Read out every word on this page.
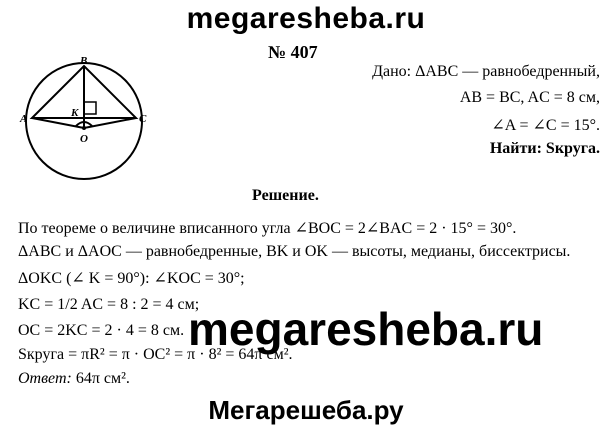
megaresheba.ru
№ 407
B
A	C
K
O
Дано: ΔABC — равнобедренный,
AB = BC, AC = 8 см,
∠A = ∠C = 15°.
Найти: Sкруга.
Решение.
По теореме о величине вписанного угла ∠BOC = 2∠BAC = 2 · 15° = 30°.
ΔABC и ΔAOC — равнобедренные, BK и OK — высоты, медианы, биссектрисы.
ΔOKC (∠ K = 90°): ∠KOC = 30°;
KC = 1/2 AC = 8 : 2 = 4 см;
OC = 2KC = 2 · 4 = 8 см.
Sкруга = πR² = π · OC² = π · 8² = 64π см².
Ответ: 64π см².
megaresheba.ru
Мегарешеба.ру
